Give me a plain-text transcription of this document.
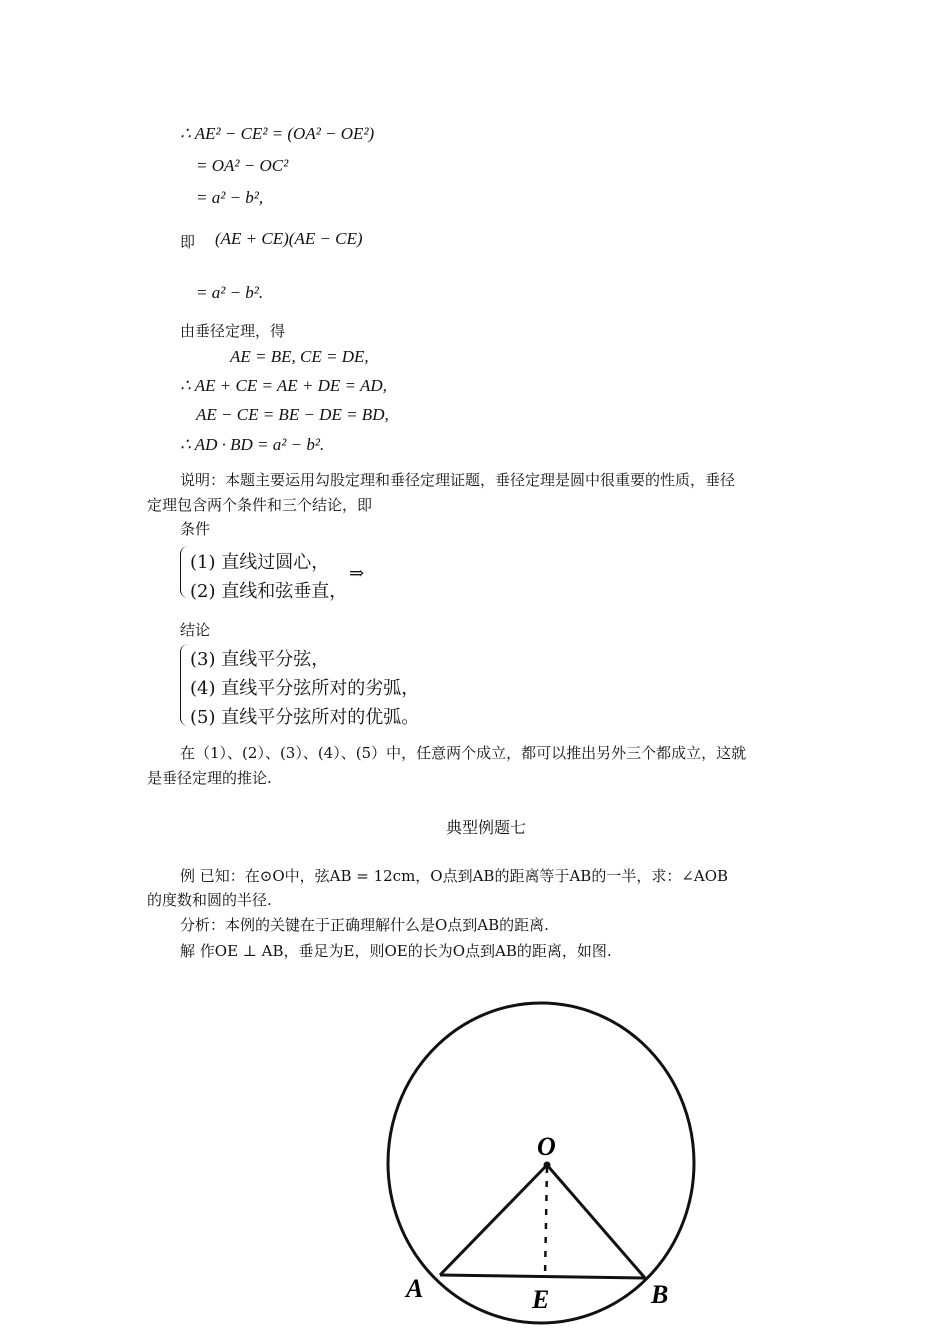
∴ AE² − CE² = (OA² − OE²)
= OA² − OC²
= a² − b²,
即 (AE + CE)(AE − CE)
= a² − b².
由垂径定理，得
AE = BE, CE = DE,
∴ AE + CE = AE + DE = AD,
AE − CE = BE − DE = BD,
∴ AD · BD = a² − b².
说明：本题主要运用勾股定理和垂径定理证题，垂径定理是圆中很重要的性质，垂径
定理包含两个条件和三个结论，即
条件
(1) 直线过圆心，
(2) 直线和弦垂直，
⇒
结论
(3) 直线平分弦，
(4) 直线平分弦所对的劣弧，
(5) 直线平分弦所对的优弧。
在（1）、(2）、(3）、(4）、(5）中，任意两个成立，都可以推出另外三个都成立，这就
是垂径定理的推论.
典型例题七
例 已知：在⊙O中，弦AB = 12cm，O点到AB的距离等于AB的一半，求：∠AOB
的度数和圆的半径.
分析：本例的关键在于正确理解什么是O点到AB的距离.
解 作OE ⊥ AB，垂足为E，则OE的长为O点到AB的距离，如图.
O
A	B
E
